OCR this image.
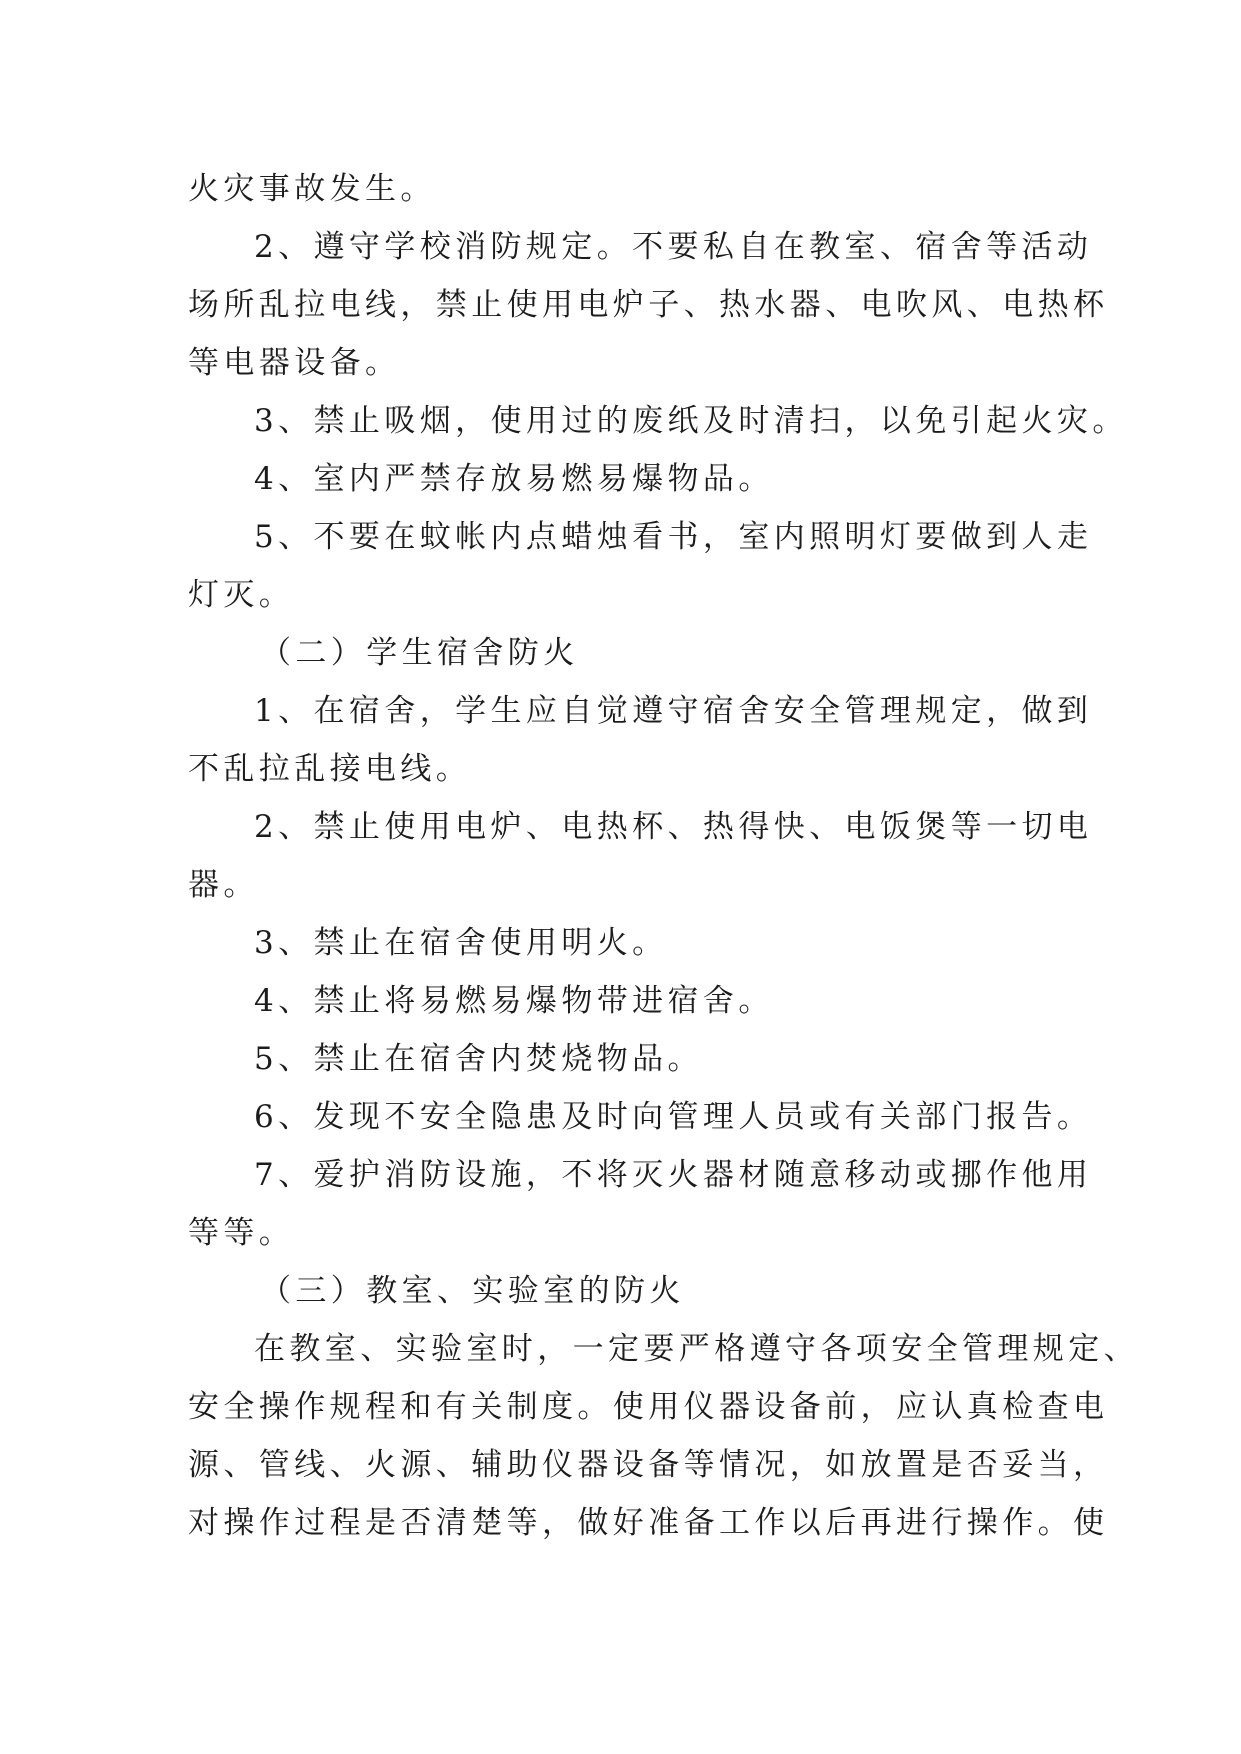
火灾事故发生。
2、遵守学校消防规定。不要私自在教室、宿舍等活动
场所乱拉电线，禁止使用电炉子、热水器、电吹风、电热杯
等电器设备。
3、禁止吸烟，使用过的废纸及时清扫，以免引起火灾。
4、室内严禁存放易燃易爆物品。
5、不要在蚊帐内点蜡烛看书，室内照明灯要做到人走
灯灭。
（二）学生宿舍防火
1、在宿舍，学生应自觉遵守宿舍安全管理规定，做到
不乱拉乱接电线。
2、禁止使用电炉、电热杯、热得快、电饭煲等一切电
器。
3、禁止在宿舍使用明火。
4、禁止将易燃易爆物带进宿舍。
5、禁止在宿舍内焚烧物品。
6、发现不安全隐患及时向管理人员或有关部门报告。
7、爱护消防设施，不将灭火器材随意移动或挪作他用
等等。
（三）教室、实验室的防火
在教室、实验室时，一定要严格遵守各项安全管理规定、
安全操作规程和有关制度。使用仪器设备前，应认真检查电
源、管线、火源、辅助仪器设备等情况，如放置是否妥当，
对操作过程是否清楚等，做好准备工作以后再进行操作。使
